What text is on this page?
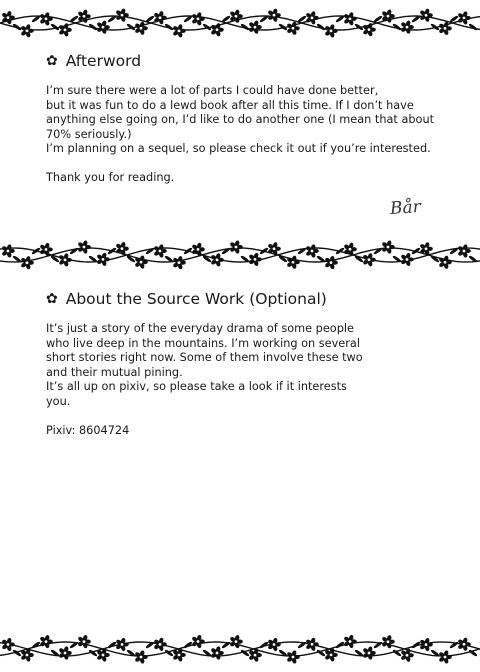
✿ Afterword

I’m sure there were a lot of parts I could have done better,

but it was fun to do a lewd book after all this time. If I don’t have

anything else going on, I’d like to do another one (I mean that about

70% seriously.)

I’m planning on a sequel, so please check it out if you’re interested.

Thank you for reading.

Bår
✿ About the Source Work (Optional)

It’s just a story of the everyday drama of some people

who live deep in the mountains. I’m working on several

short stories right now. Some of them involve these two

and their mutual pining.

It’s all up on pixiv, so please take a look if it interests

you.

Pixiv: 8604724
